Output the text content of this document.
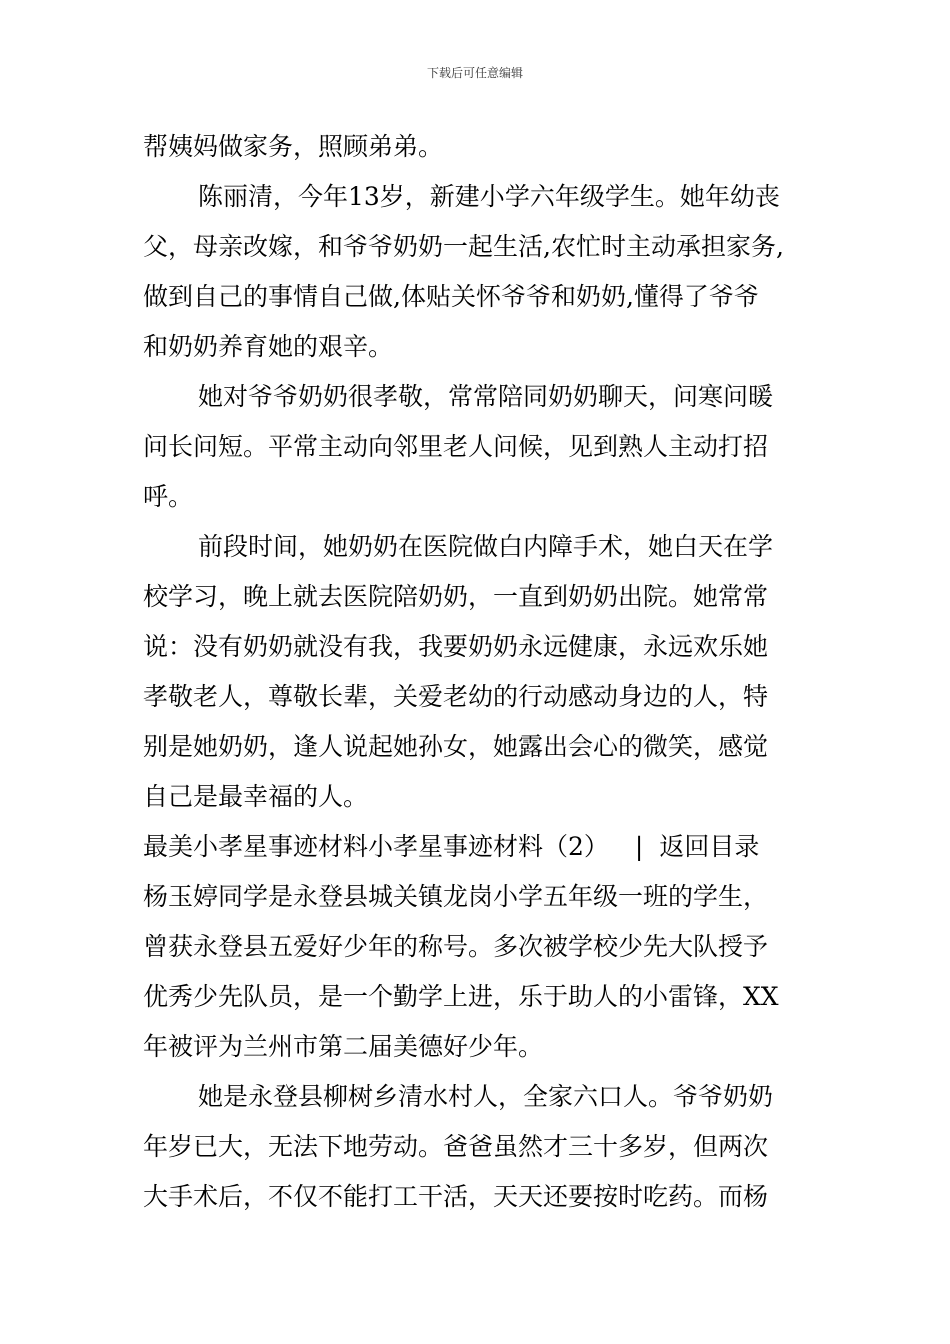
下载后可任意编辑
帮姨妈做家务，照顾弟弟。
陈丽清，今年13岁，新建小学六年级学生。她年幼丧
父，母亲改嫁，和爷爷奶奶一起生活,农忙时主动承担家务,
做到自己的事情自己做,体贴关怀爷爷和奶奶,懂得了爷爷
和奶奶养育她的艰辛。
她对爷爷奶奶很孝敬，常常陪同奶奶聊天，问寒问暖
问长问短。平常主动向邻里老人问候，见到熟人主动打招
呼。
前段时间，她奶奶在医院做白内障手术，她白天在学
校学习，晚上就去医院陪奶奶，一直到奶奶出院。她常常
说：没有奶奶就没有我，我要奶奶永远健康，永远欢乐她
孝敬老人，尊敬长辈，关爱老幼的行动感动身边的人，特
别是她奶奶，逢人说起她孙女，她露出会心的微笑，感觉
自己是最幸福的人。
最美小孝星事迹材料小孝星事迹材料（2） | 返回目录
杨玉婷同学是永登县城关镇龙岗小学五年级一班的学生，
曾获永登县五爱好少年的称号。多次被学校少先大队授予
优秀少先队员，是一个勤学上进，乐于助人的小雷锋，XX
年被评为兰州市第二届美德好少年。
她是永登县柳树乡清水村人，全家六口人。爷爷奶奶
年岁已大，无法下地劳动。爸爸虽然才三十多岁，但两次
大手术后，不仅不能打工干活，天天还要按时吃药。而杨
